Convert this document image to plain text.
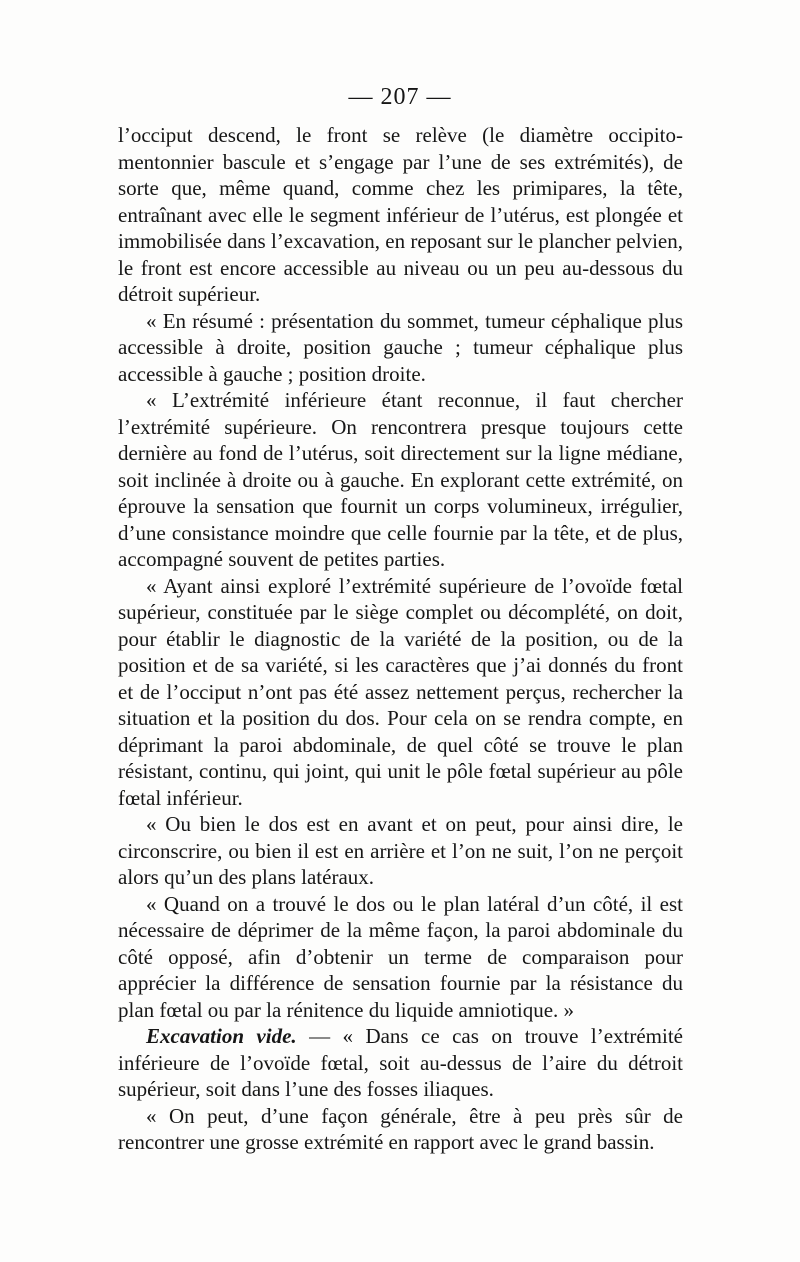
— 207 —

l’occiput descend, le front se relève (le diamètre occipito-mentonnier bascule et s’engage par l’une de ses extrémités), de sorte que, même quand, comme chez les primipares, la tête, entraînant avec elle le segment inférieur de l’utérus, est plongée et immobilisée dans l’excavation, en reposant sur le plancher pelvien, le front est encore accessible au niveau ou un peu au-dessous du détroit supérieur.

« En résumé : présentation du sommet, tumeur céphalique plus accessible à droite, position gauche ; tumeur céphalique plus accessible à gauche ; position droite.

« L’extrémité inférieure étant reconnue, il faut chercher l’extrémité supérieure. On rencontrera presque toujours cette dernière au fond de l’utérus, soit directement sur la ligne médiane, soit inclinée à droite ou à gauche. En explorant cette extrémité, on éprouve la sensation que fournit un corps volumineux, irrégulier, d’une consistance moindre que celle fournie par la tête, et de plus, accompagné souvent de petites parties.

« Ayant ainsi exploré l’extrémité supérieure de l’ovoïde fœtal supérieur, constituée par le siège complet ou décomplété, on doit, pour établir le diagnostic de la variété de la position, ou de la position et de sa variété, si les caractères que j’ai donnés du front et de l’occiput n’ont pas été assez nettement perçus, rechercher la situation et la position du dos. Pour cela on se rendra compte, en déprimant la paroi abdominale, de quel côté se trouve le plan résistant, continu, qui joint, qui unit le pôle fœtal supérieur au pôle fœtal inférieur.

« Ou bien le dos est en avant et on peut, pour ainsi dire, le circonscrire, ou bien il est en arrière et l’on ne suit, l’on ne perçoit alors qu’un des plans latéraux.

« Quand on a trouvé le dos ou le plan latéral d’un côté, il est nécessaire de déprimer de la même façon, la paroi abdominale du côté opposé, afin d’obtenir un terme de comparaison pour apprécier la différence de sensation fournie par la résistance du plan fœtal ou par la rénitence du liquide amniotique. »

Excavation vide. — « Dans ce cas on trouve l’extrémité inférieure de l’ovoïde fœtal, soit au-dessus de l’aire du détroit supérieur, soit dans l’une des fosses iliaques.

« On peut, d’une façon générale, être à peu près sûr de rencontrer une grosse extrémité en rapport avec le grand bassin.
